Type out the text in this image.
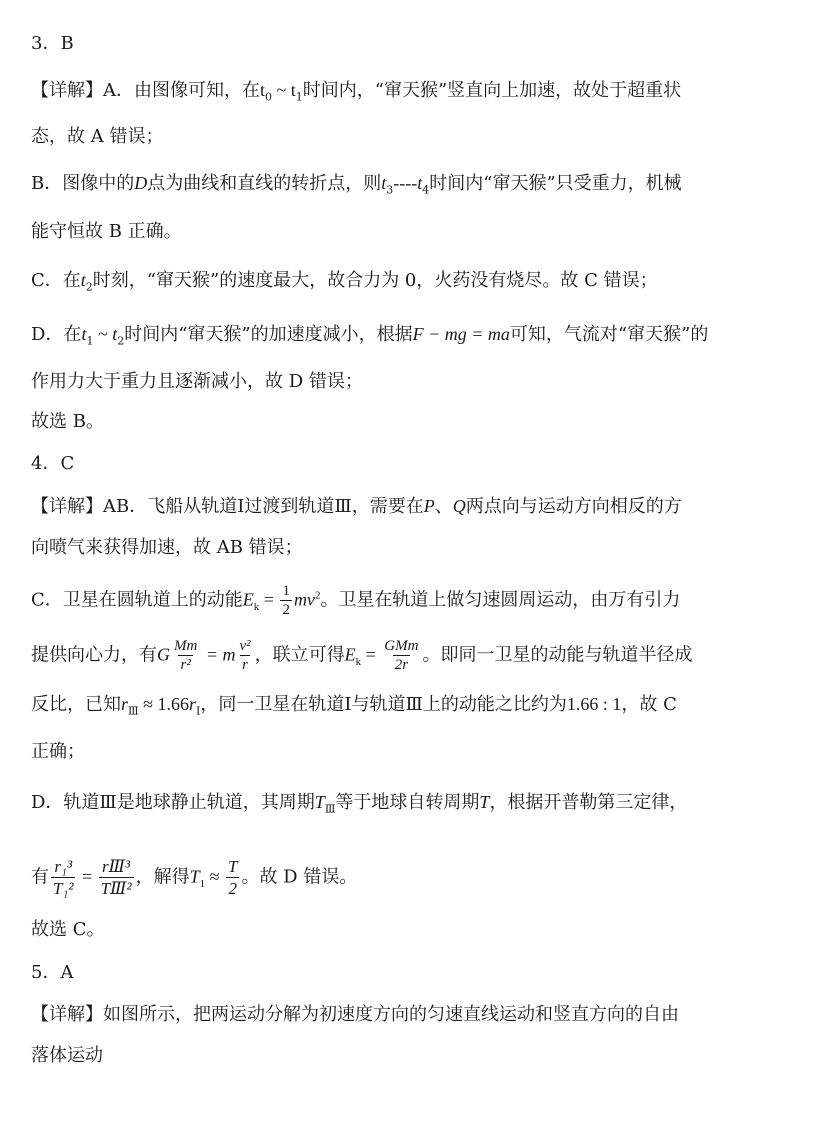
3．B
【详解】A．由图像可知，在$t_0$ ~ $t_1$时间内，“窜天猴”竖直向上加速，故处于超重状
态，故 A 错误；
B．图像中的D点为曲线和直线的转折点，则$t_3----t_4$时间内“窜天猴”只受重力，机械
能守恒故 B 正确。
C．在$t_2$时刻，“窜天猴”的速度最大，故合力为 0，火药没有烧尽。故 C 错误；
D．在$t_1$ ~ $t_2$时间内“窜天猴”的加速度减小，根据F − mg = ma可知，气流对“窜天猴”的
作用力大于重力且逐渐减小，故 D 错误；
故选 B。
4．C
【详解】AB．飞船从轨道Ⅰ过渡到轨道Ⅲ，需要在P、Q两点向与运动方向相反的方
向喷气来获得加速，故 AB 错误；
C．卫星在圆轨道上的动能$E_k = \frac{1}{2} mv^2$。卫星在轨道上做匀速圆周运动，由万有引力
提供向心力，有G $\frac{Mm}{\text{r²}} = m \frac{\text{v²}}{r}$ ，联立可得$E_k = \frac{\text{GMm}}{2r}$ 。即同一卫星的动能与轨道半径成
反比，已知$r_Ⅲ \approx 1.66r_Ⅰ$，同一卫星在轨道Ⅰ与轨道Ⅲ上的动能之比约为1.66 : 1，故 C
正确；
D．轨道Ⅲ是地球静止轨道，其周期$T_Ⅲ$等于地球自转周期T，根据开普勒第三定律，
有 $\frac{\text{r₁³}}{\text{T₁²}} = \frac{\text{rⅢ³}}{\text{TⅢ²}}$ ，解得$T_1 \approx \frac{T}{2}$ 。故 D 错误。
故选 C。
5．A
【详解】如图所示，把两运动分解为初速度方向的匀速直线运动和竖直方向的自由
落体运动
